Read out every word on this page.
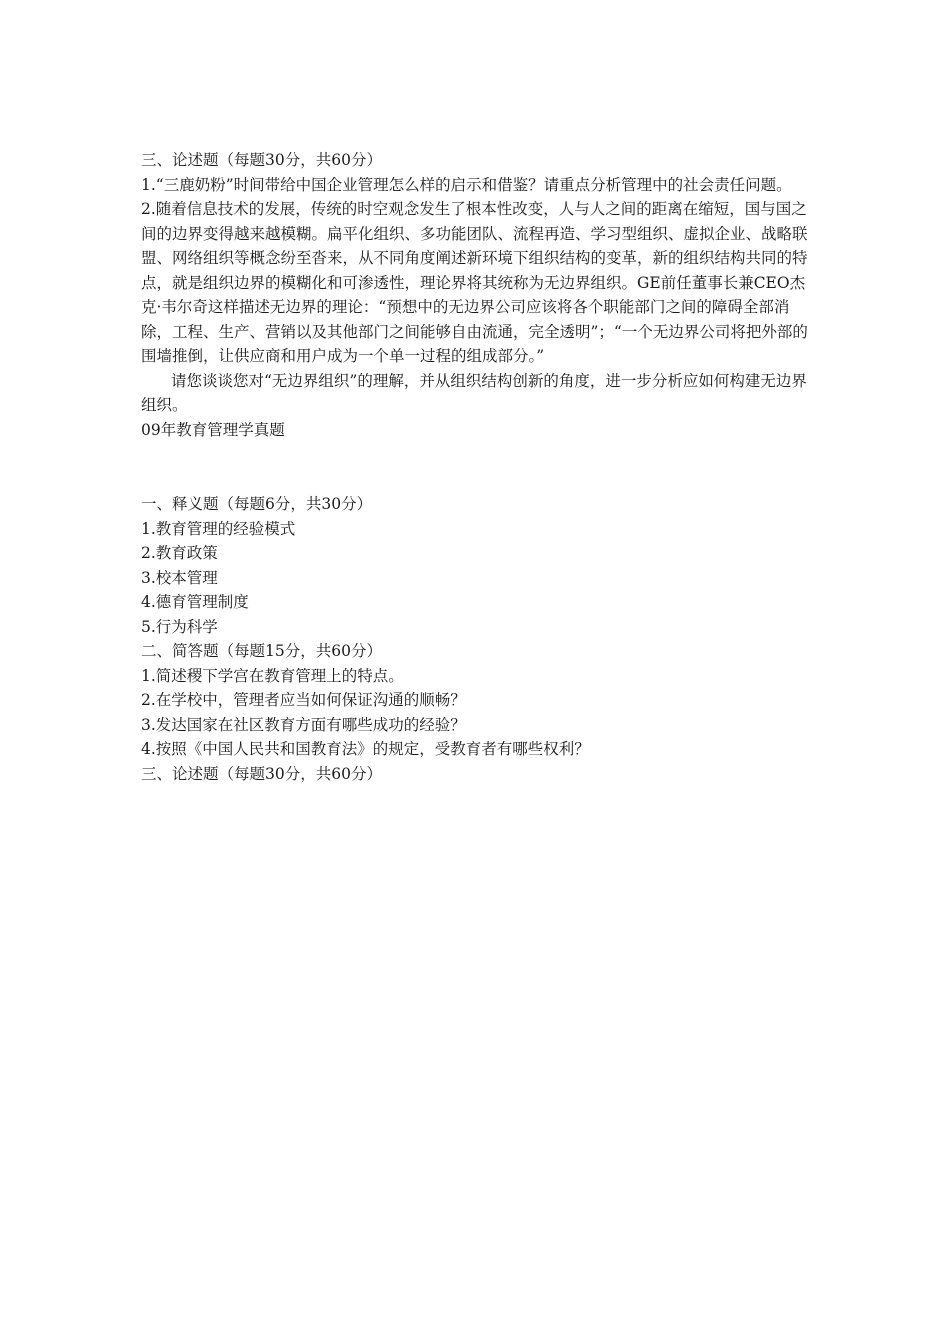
三、论述题（每题30分，共60分）

1.“三鹿奶粉”时间带给中国企业管理怎么样的启示和借鉴？请重点分析管理中的社会责任问题。

2.随着信息技术的发展，传统的时空观念发生了根本性改变，人与人之间的距离在缩短，国与国之间的边界变得越来越模糊。扁平化组织、多功能团队、流程再造、学习型组织、虚拟企业、战略联盟、网络组织等概念纷至沓来，从不同角度阐述新环境下组织结构的变革，新的组织结构共同的特点，就是组织边界的模糊化和可渗透性，理论界将其统称为无边界组织。GE前任董事长兼CEO杰克·韦尔奇这样描述无边界的理论：“预想中的无边界公司应该将各个职能部门之间的障碍全部消除，工程、生产、营销以及其他部门之间能够自由流通，完全透明”；“一个无边界公司将把外部的围墙推倒，让供应商和用户成为一个单一过程的组成部分。”

请您谈谈您对“无边界组织”的理解，并从组织结构创新的角度，进一步分析应如何构建无边界组织。

09年教育管理学真题

一、释义题（每题6分，共30分）

1.教育管理的经验模式

2.教育政策

3.校本管理

4.德育管理制度

5.行为科学

二、简答题（每题15分，共60分）

1.简述稷下学宫在教育管理上的特点。

2.在学校中，管理者应当如何保证沟通的顺畅？

3.发达国家在社区教育方面有哪些成功的经验？

4.按照《中国人民共和国教育法》的规定，受教育者有哪些权利？

三、论述题（每题30分，共60分）
